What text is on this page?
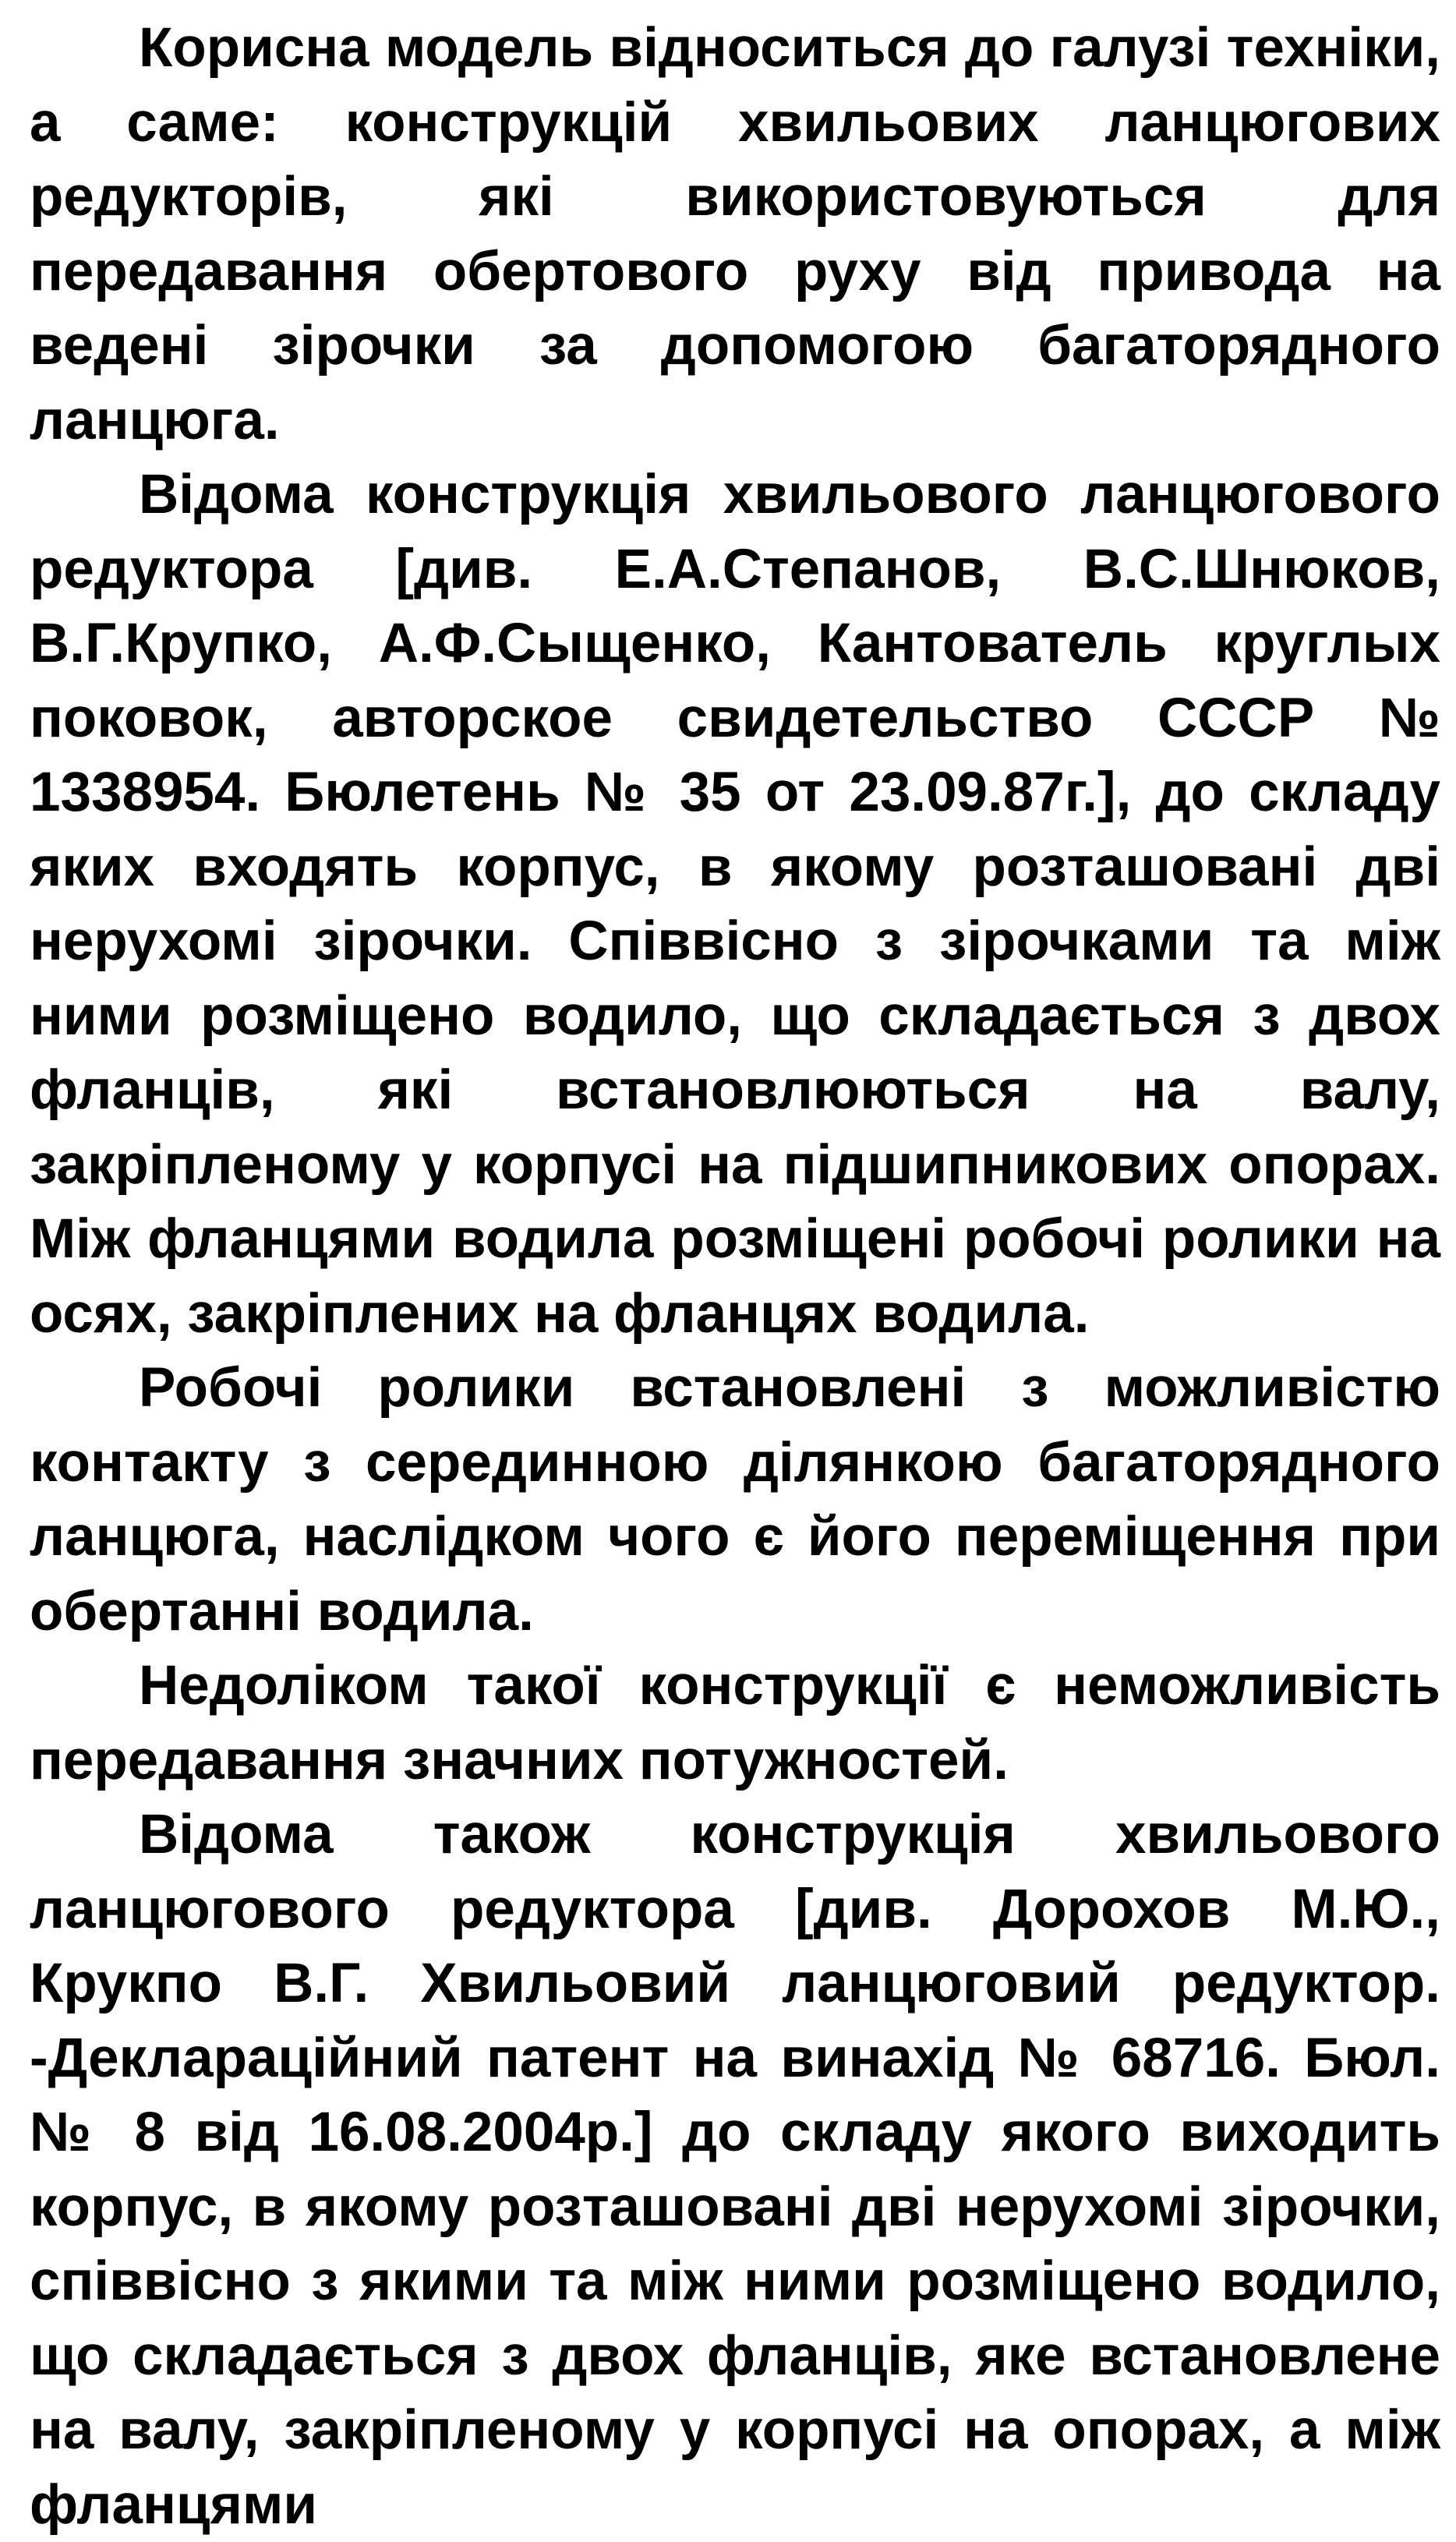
Корисна модель відноситься до галузі техніки, а саме: конструкцій хвильових ланцюгових редукторів, які використовуються для передавання обертового руху від привода на ведені зірочки за допомогою багаторядного ланцюга.

Відома конструкція хвильового ланцюгового редуктора [див. Е.А.Степанов, В.С.Шнюков, В.Г.Крупко, А.Ф.Сыщенко, Кантователь круглых поковок, авторское свидетельство СССР № 1338954. Бюлетень № 35 от 23.09.87г.], до складу яких входять корпус, в якому розташовані дві нерухомі зірочки. Співвісно з зірочками та між ними розміщено водило, що складається з двох фланців, які встановлюються на валу, закріпленому у корпусі на підшипникових опорах. Між фланцями водила розміщені робочі ролики на осях, закріплених на фланцях водила.

Робочі ролики встановлені з можливістю контакту з серединною ділянкою багаторядного ланцюга, наслідком чого є його переміщення при обертанні водила.

Недоліком такої конструкції є неможливість передавання значних потужностей.

Відома також конструкція хвильового ланцюгового редуктора [див. Дорохов М.Ю., Крукпо В.Г. Хвильовий ланцюговий редуктор. -Деклараційний патент на винахід № 68716. Бюл. № 8 від 16.08.2004р.] до складу якого виходить корпус, в якому розташовані дві нерухомі зірочки, співвісно з якими та між ними розміщено водило, що складається з двох фланців, яке встановлене на валу, закріпленому у корпусі на опорах, а між фланцями
